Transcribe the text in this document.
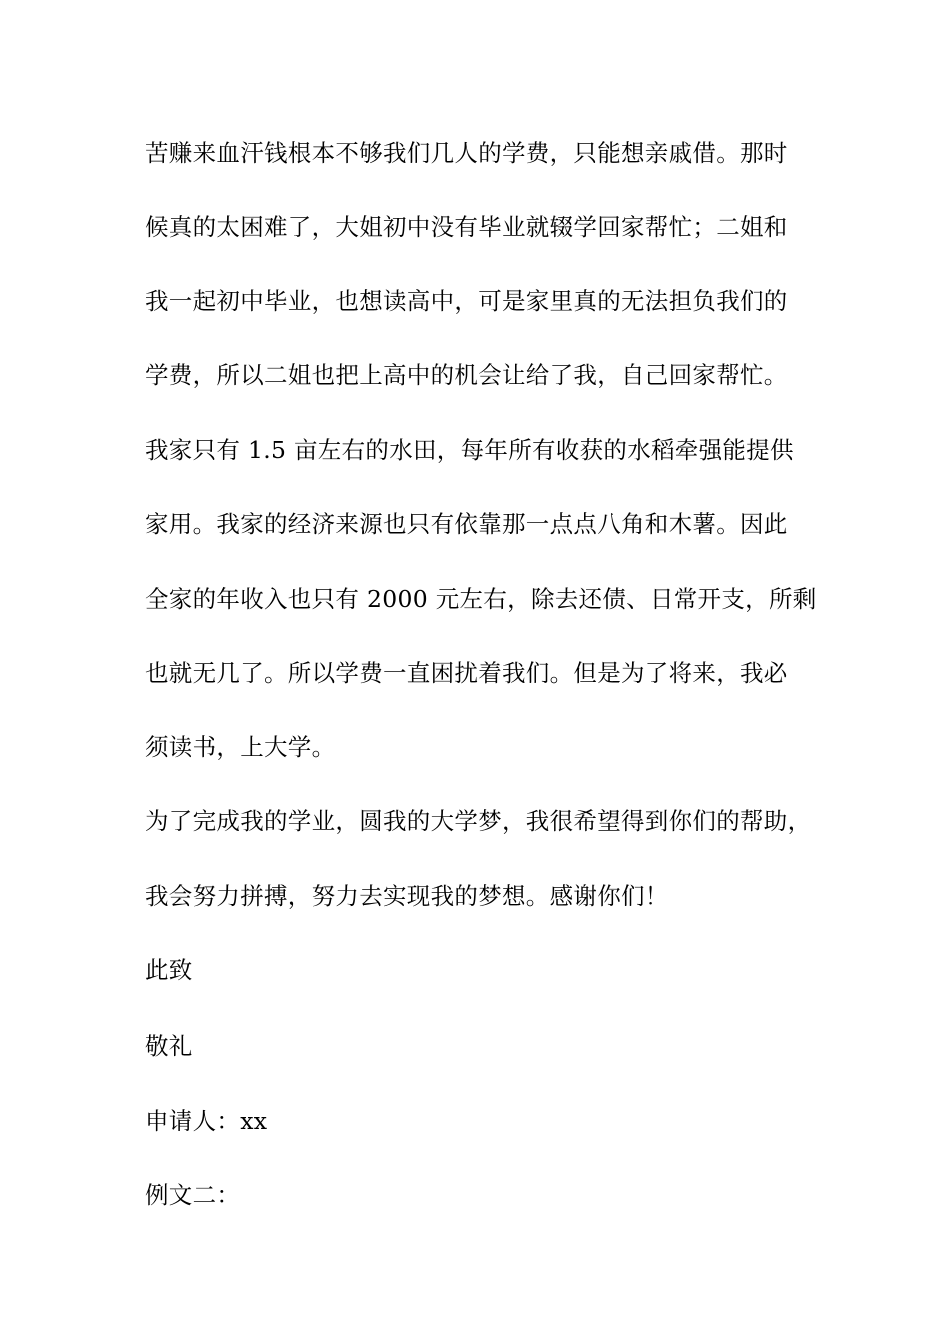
苦赚来血汗钱根本不够我们几人的学费，只能想亲戚借。那时
候真的太困难了，大姐初中没有毕业就辍学回家帮忙；二姐和
我一起初中毕业，也想读高中，可是家里真的无法担负我们的
学费，所以二姐也把上高中的机会让给了我，自己回家帮忙。
我家只有 1.5 亩左右的水田，每年所有收获的水稻牵强能提供
家用。我家的经济来源也只有依靠那一点点八角和木薯。因此
全家的年收入也只有 2000 元左右，除去还债、日常开支，所剩
也就无几了。所以学费一直困扰着我们。但是为了将来，我必
须读书，上大学。
为了完成我的学业，圆我的大学梦，我很希望得到你们的帮助，
我会努力拼搏，努力去实现我的梦想。感谢你们！
此致
敬礼
申请人：xx
例文二：
